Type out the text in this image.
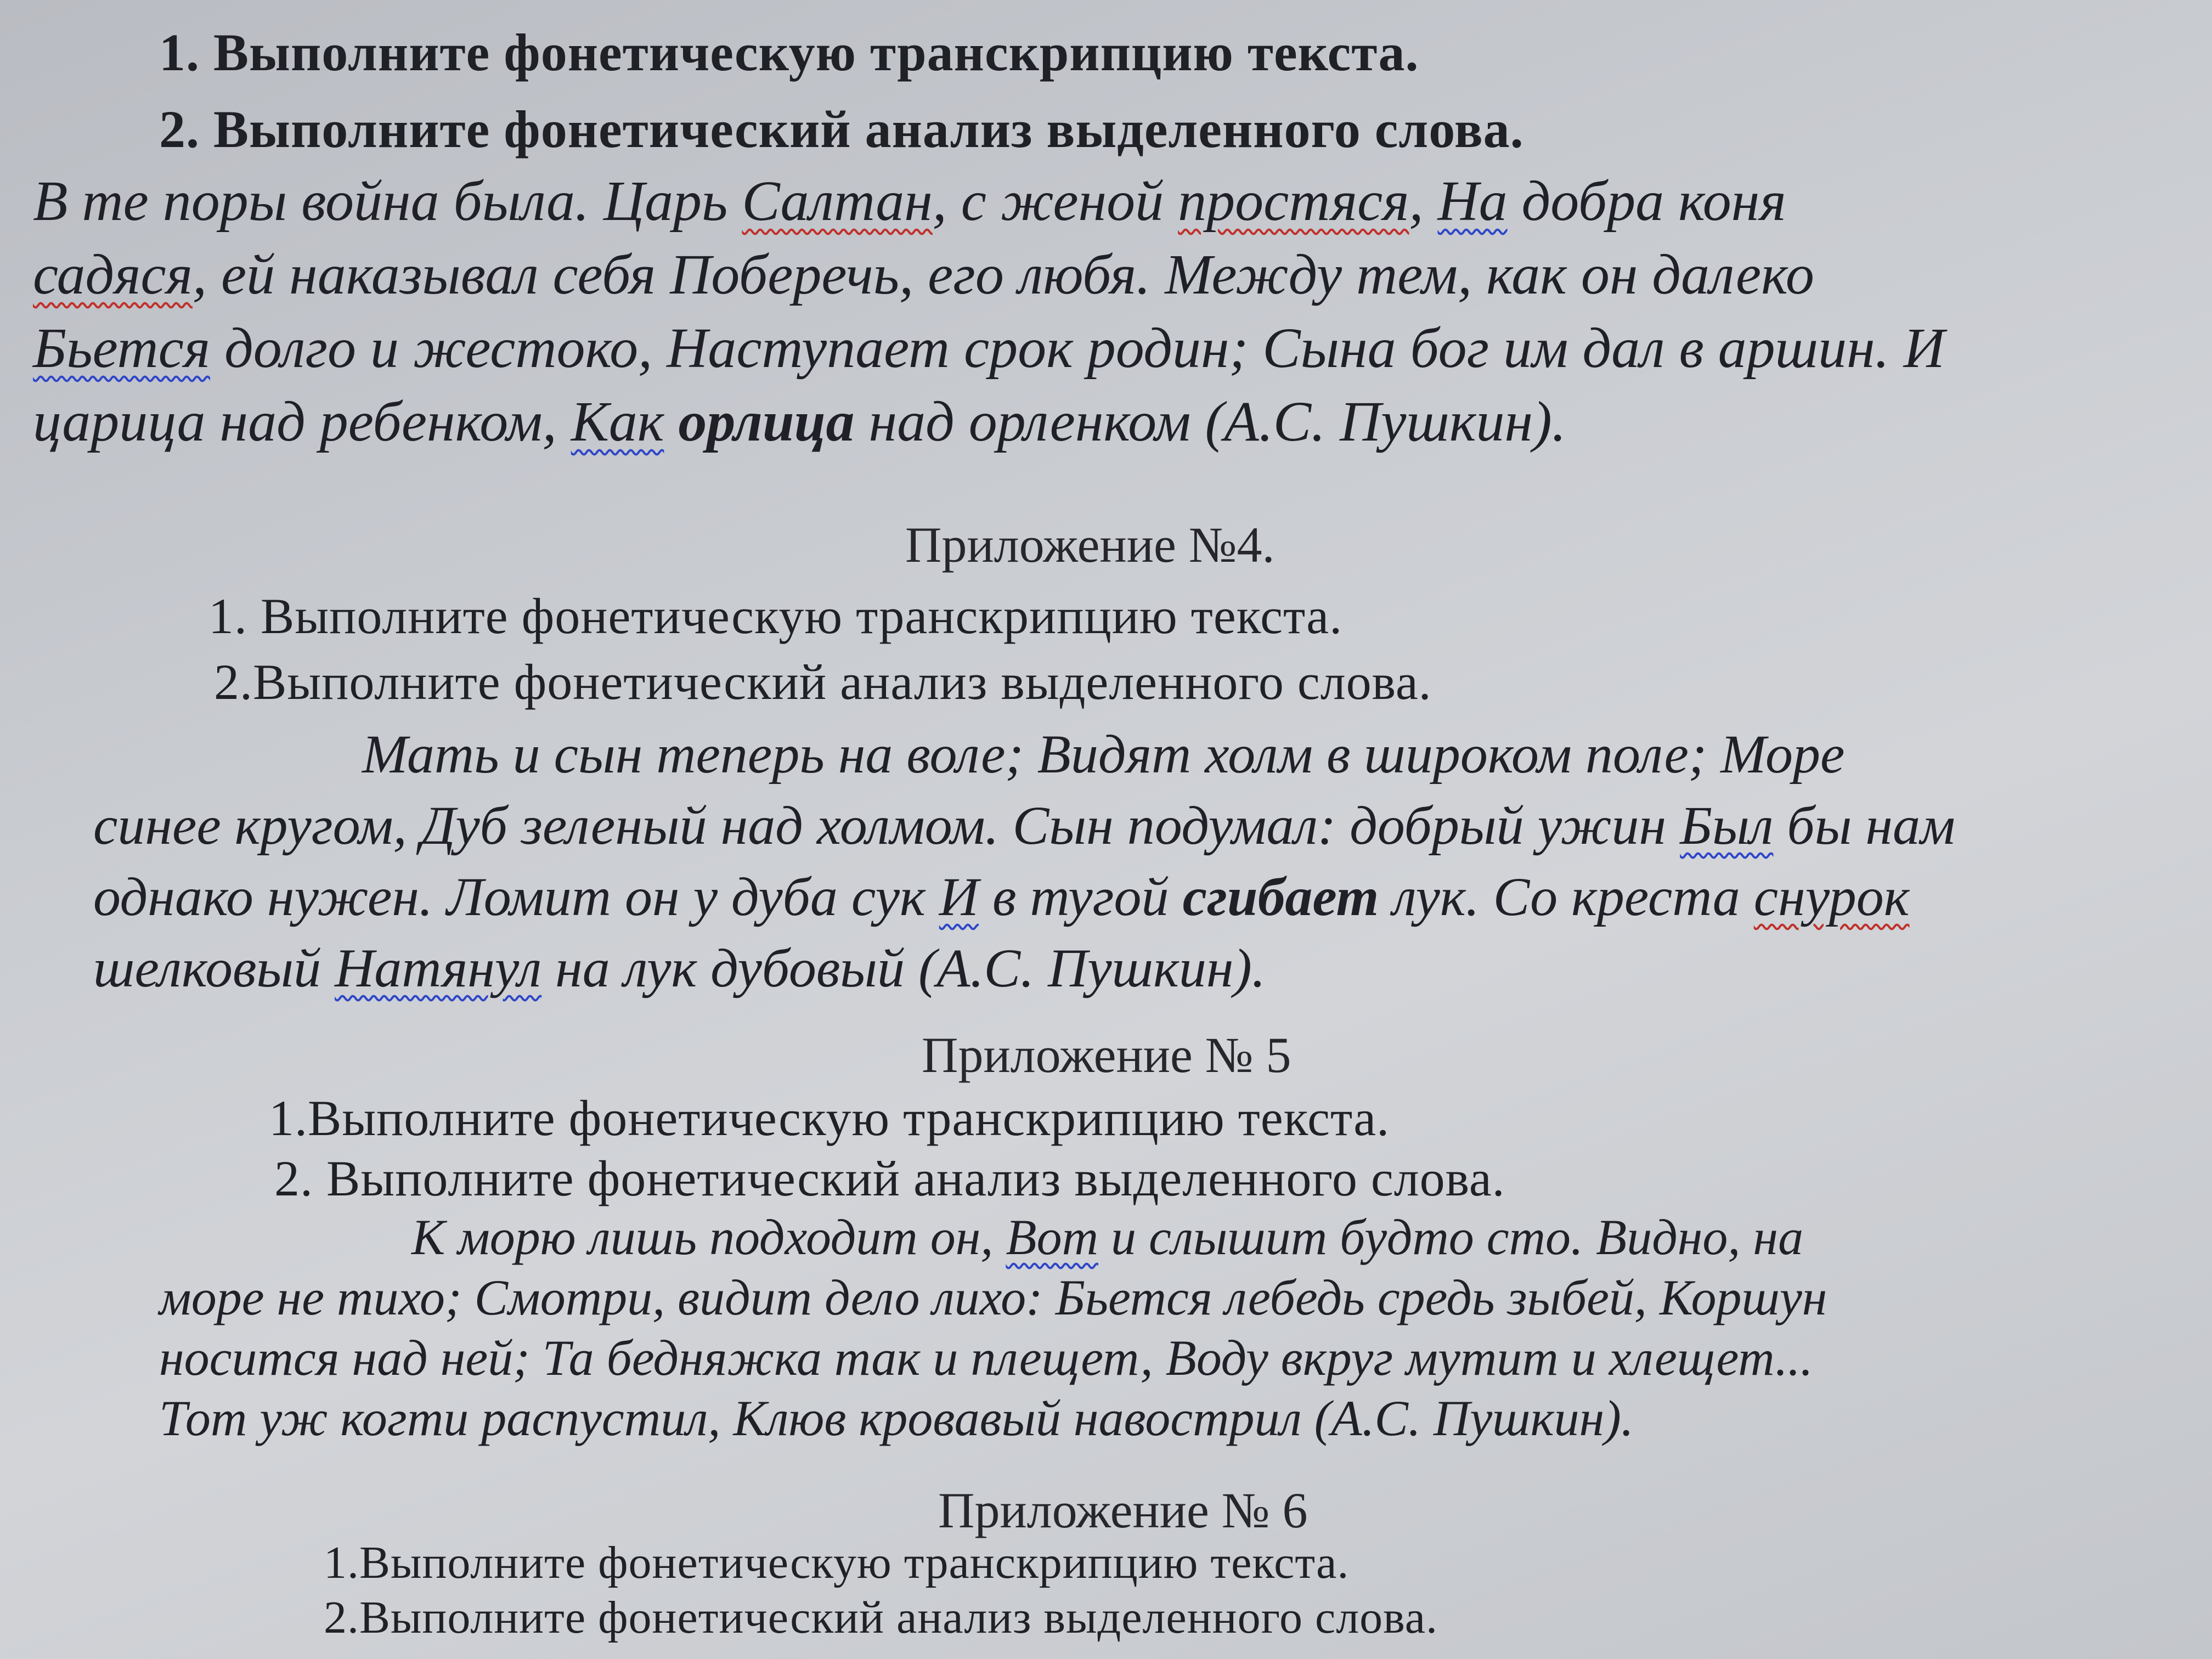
1. Выполните фонетическую транскрипцию текста.
2. Выполните фонетический анализ выделенного слова.
В те поры война была. Царь Салтан, с женой простяся, На добра коня
садяся, ей наказывал себя Поберечь, его любя. Между тем, как он далеко
Бьется долго и жестоко, Наступает срок родин; Сына бог им дал в аршин. И
царица над ребенком, Как орлица над орленком (А.С. Пушкин).
Приложение №4.
1. Выполните фонетическую транскрипцию текста.
2.Выполните фонетический анализ выделенного слова.
Мать и сын теперь на воле; Видят холм в широком поле; Море
синее кругом, Дуб зеленый над холмом. Сын подумал: добрый ужин Был бы нам
однако нужен. Ломит он у дуба сук И в тугой сгибает лук. Со креста снурок
шелковый Натянул на лук дубовый (А.С. Пушкин).
Приложение № 5
1.Выполните фонетическую транскрипцию текста.
2. Выполните фонетический анализ выделенного слова.
К морю лишь подходит он, Вот и слышит будто сто. Видно, на
море не тихо; Смотри, видит дело лихо: Бьется лебедь средь зыбей, Коршун
носится над ней; Та бедняжка так и плещет, Воду вкруг мутит и хлещет...
Тот уж когти распустил, Клюв кровавый навострил (А.С. Пушкин).
Приложение № 6
1.Выполните фонетическую транскрипцию текста.
2.Выполните фонетический анализ выделенного слова.
